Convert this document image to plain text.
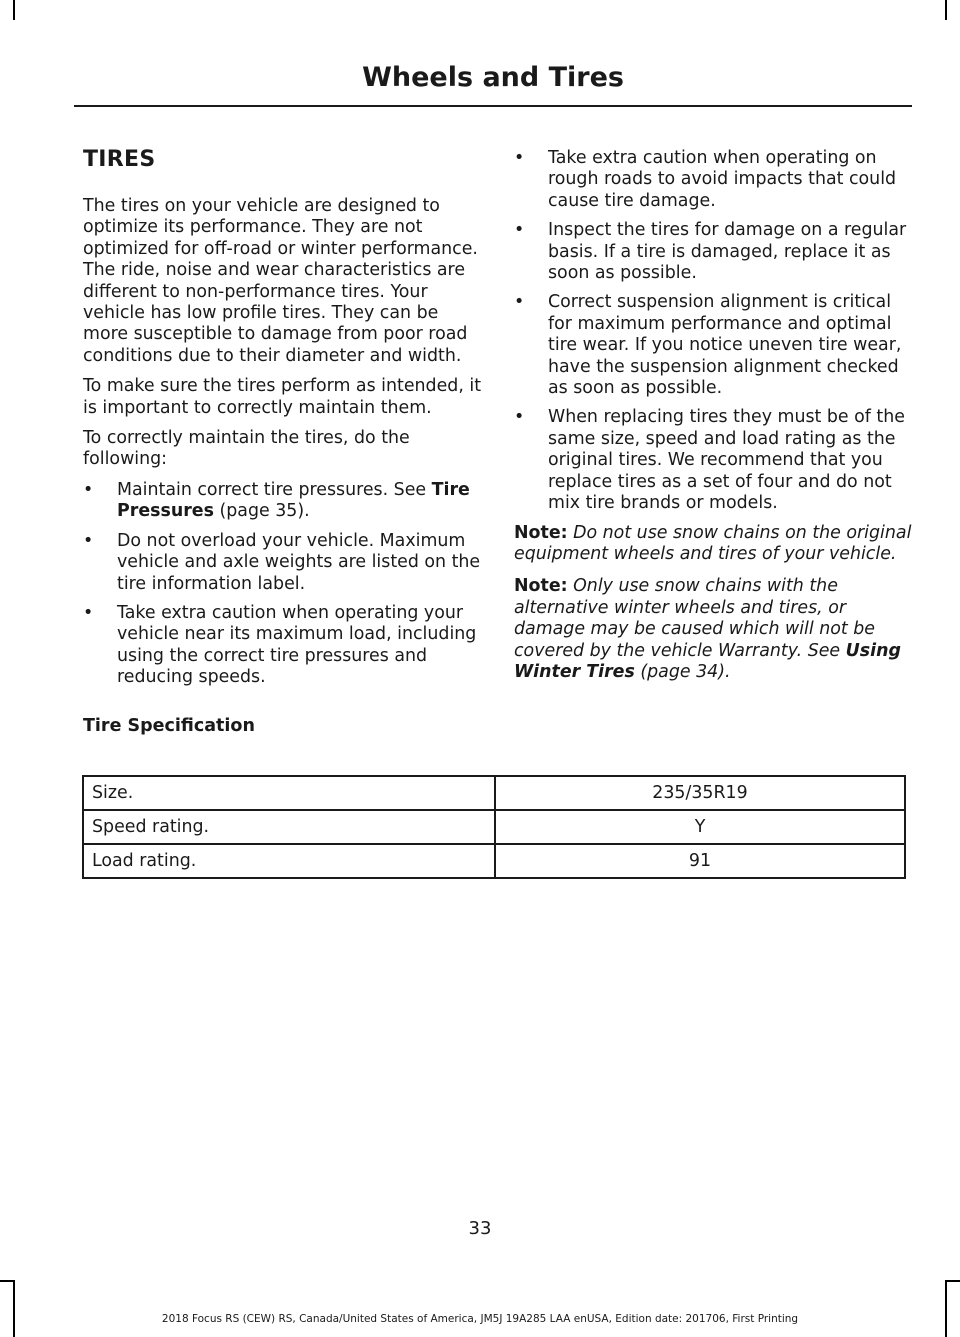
Wheels and Tires
TIRES

The tires on your vehicle are designed to optimize its performance. They are not optimized for off-road or winter performance. The ride, noise and wear characteristics are different to non-performance tires. Your vehicle has low profile tires. They can be more susceptible to damage from poor road conditions due to their diameter and width.

To make sure the tires perform as intended, it is important to correctly maintain them.

To correctly maintain the tires, do the following:

• Maintain correct tire pressures. See Tire Pressures (page 35).
• Do not overload your vehicle. Maximum vehicle and axle weights are listed on the tire information label.
• Take extra caution when operating your vehicle near its maximum load, including using the correct tire pressures and reducing speeds.
• Take extra caution when operating on rough roads to avoid impacts that could cause tire damage.
• Inspect the tires for damage on a regular basis. If a tire is damaged, replace it as soon as possible.
• Correct suspension alignment is critical for maximum performance and optimal tire wear. If you notice uneven tire wear, have the suspension alignment checked as soon as possible.
• When replacing tires they must be of the same size, speed and load rating as the original tires. We recommend that you replace tires as a set of four and do not mix tire brands or models.

Note: Do not use snow chains on the original equipment wheels and tires of your vehicle.

Note: Only use snow chains with the alternative winter wheels and tires, or damage may be caused which will not be covered by the vehicle Warranty. See Using Winter Tires (page 34).

Tire Specification
Size.	235/35R19
Speed rating.	Y
Load rating.	91
33
2018 Focus RS (CEW) RS, Canada/United States of America, JM5J 19A285 LAA enUSA, Edition date: 201706, First Printing
